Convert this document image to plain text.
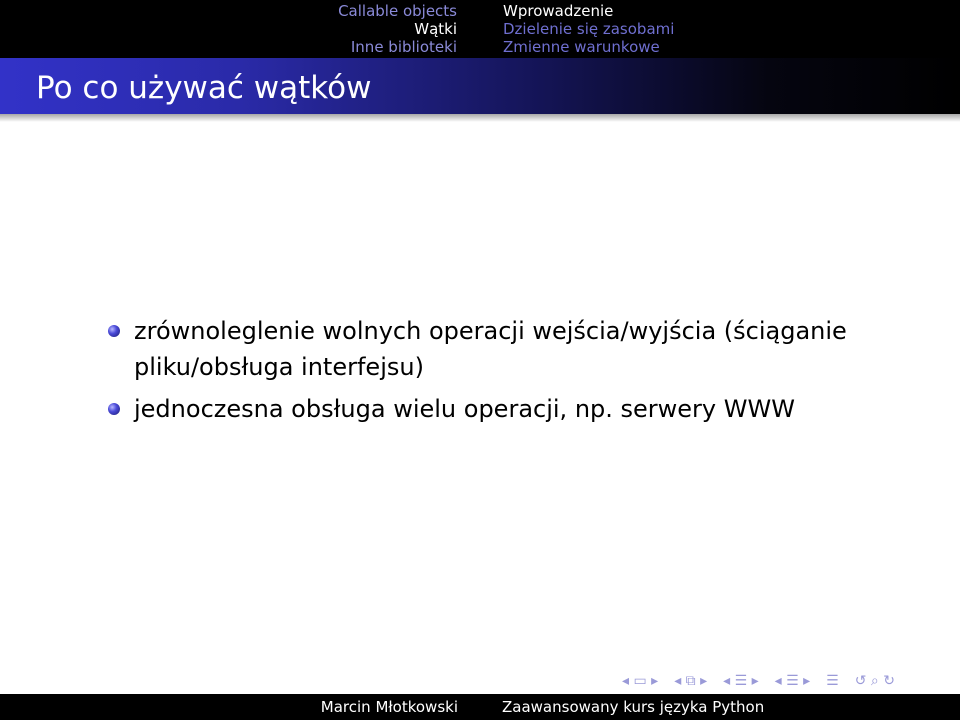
Callable objects
Wątki
Inne biblioteki
Wprowadzenie
Dzielenie się zasobami
Zmienne warunkowe
Po co używać wątków
zrównoleglenie wolnych operacji wejścia/wyjścia (ściąganie pliku/obsługa interfejsu)
jednoczesna obsługa wielu operacji, np. serwery WWW
◂ ▭ ▸ ◂ ⧉ ▸ ◂ ☰ ▸ ◂ ☰ ▸ ☰ ↺ ⌕ ↻
Marcin Młotkowski	Zaawansowany kurs języka Python
